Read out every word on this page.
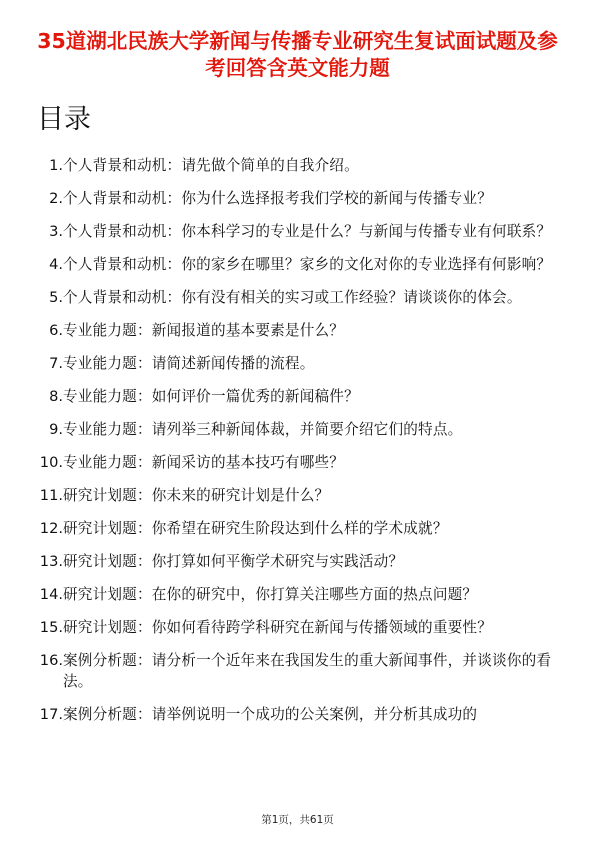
35道湖北民族大学新闻与传播专业研究生复试面试题及参考回答含英文能力题
目录
1. 个人背景和动机：请先做个简单的自我介绍。
2. 个人背景和动机：你为什么选择报考我们学校的新闻与传播专业？
3. 个人背景和动机：你本科学习的专业是什么？与新闻与传播专业有何联系？
4. 个人背景和动机：你的家乡在哪里？家乡的文化对你的专业选择有何影响？
5. 个人背景和动机：你有没有相关的实习或工作经验？请谈谈你的体会。
6. 专业能力题：新闻报道的基本要素是什么？
7. 专业能力题：请简述新闻传播的流程。
8. 专业能力题：如何评价一篇优秀的新闻稿件？
9. 专业能力题：请列举三种新闻体裁，并简要介绍它们的特点。
10. 专业能力题：新闻采访的基本技巧有哪些？
11. 研究计划题：你未来的研究计划是什么？
12. 研究计划题：你希望在研究生阶段达到什么样的学术成就？
13. 研究计划题：你打算如何平衡学术研究与实践活动？
14. 研究计划题：在你的研究中，你打算关注哪些方面的热点问题？
15. 研究计划题：你如何看待跨学科研究在新闻与传播领域的重要性？
16. 案例分析题：请分析一个近年来在我国发生的重大新闻事件，并谈谈你的看法。
17. 案例分析题：请举例说明一个成功的公关案例，并分析其成功的
第1页，共61页
